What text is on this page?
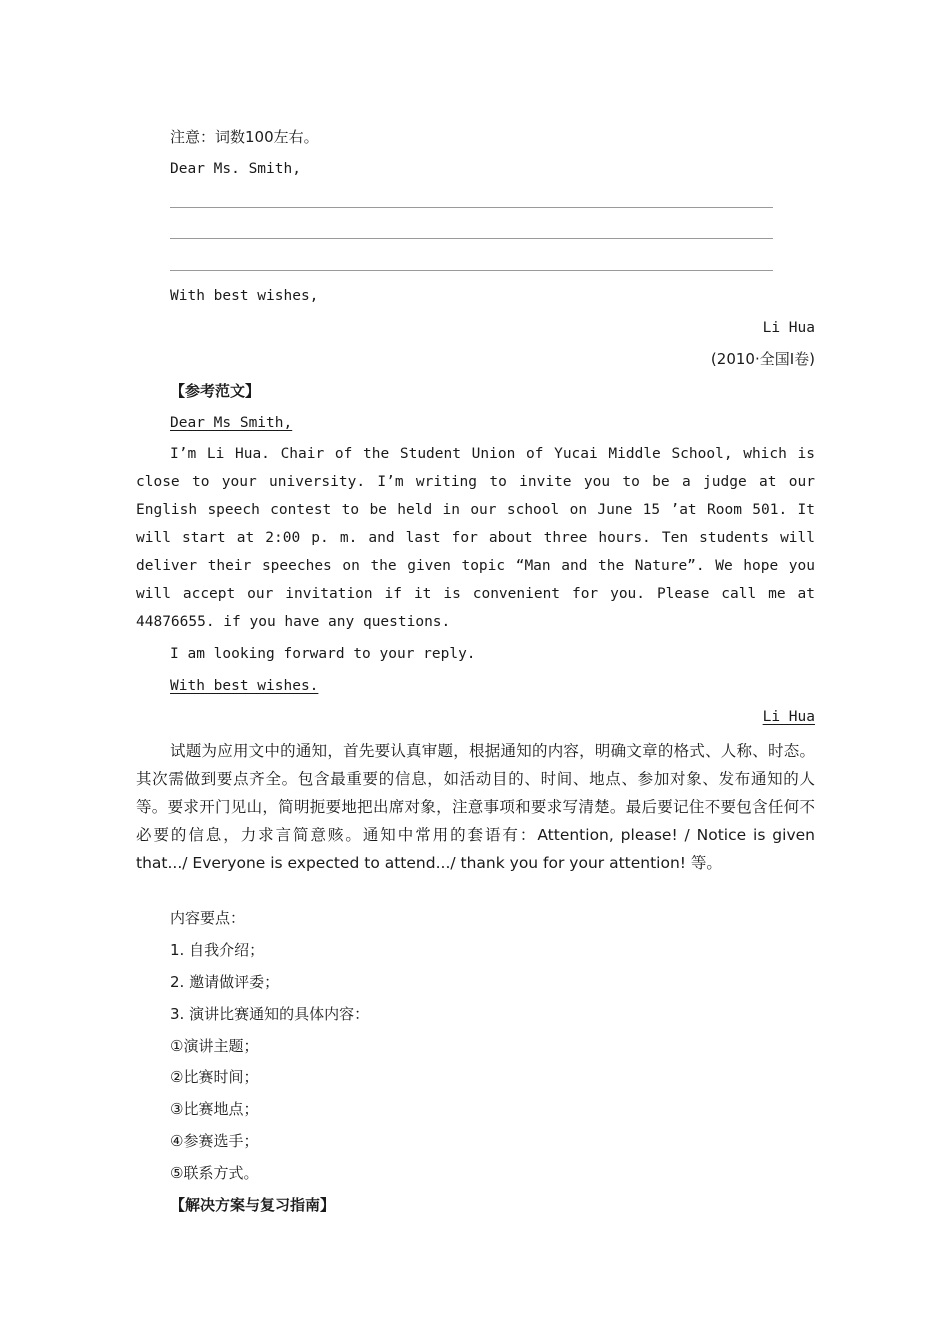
注意：词数100左右。
Dear Ms. Smith,
With best wishes,
Li Hua
(2010·全国Ⅰ卷)
【参考范文】
Dear Ms Smith,
I’m Li Hua. Chair of the Student Union of Yucai Middle School, which is close to your university. I’m writing to invite you to be a judge at our English speech contest to be held in our school on June 15 ’at Room 501. It will start at 2:00 p. m. and last for about three hours. Ten students will deliver their speeches on the given topic “Man and the Nature”. We hope you will accept our invitation if it is convenient for you. Please call me at 44876655. if you have any questions.
I am looking forward to your reply.
With best wishes.
Li Hua
试题为应用文中的通知，首先要认真审题，根据通知的内容，明确文章的格式、人称、时态。其次需做到要点齐全。包含最重要的信息，如活动目的、时间、地点、参加对象、发布通知的人等。要求开门见山，简明扼要地把出席对象，注意事项和要求写清楚。最后要记住不要包含任何不必要的信息，力求言简意赅。通知中常用的套语有：Attention, please! / Notice is given that.../ Everyone is expected to attend.../ thank you for your attention! 等。
内容要点：
1. 自我介绍；
2. 邀请做评委；
3. 演讲比赛通知的具体内容：
①演讲主题；
②比赛时间；
③比赛地点；
④参赛选手；
⑤联系方式。
【解决方案与复习指南】
